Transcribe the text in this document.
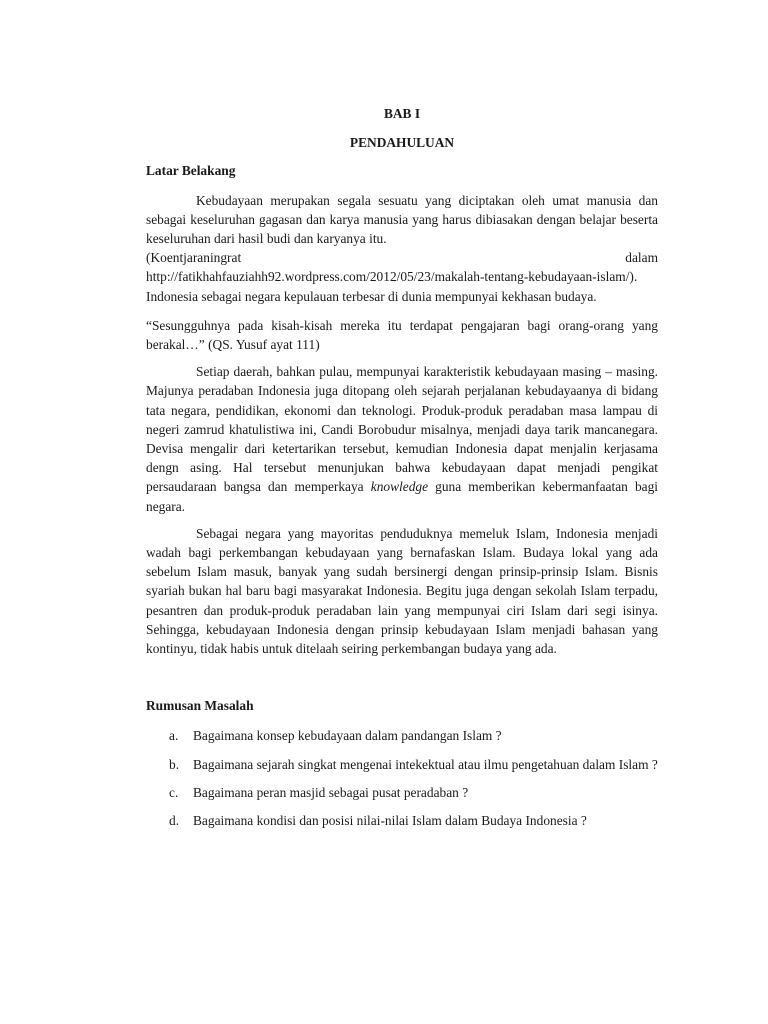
BAB I

PENDAHULUAN

Latar Belakang

Kebudayaan merupakan segala sesuatu yang diciptakan oleh umat manusia dan sebagai keseluruhan gagasan dan karya manusia yang harus dibiasakan dengan belajar beserta keseluruhan dari hasil budi dan karyanya itu.
(Koentjaraningrat	dalam
http://fatikhahfauziahh92.wordpress.com/2012/05/23/makalah-tentang-kebudayaan-islam/). Indonesia sebagai negara kepulauan terbesar di dunia mempunyai kekhasan budaya.

“Sesungguhnya pada kisah-kisah mereka itu terdapat pengajaran bagi orang-orang yang berakal…” (QS. Yusuf ayat 111)

Setiap daerah, bahkan pulau, mempunyai karakteristik kebudayaan masing – masing. Majunya peradaban Indonesia juga ditopang oleh sejarah perjalanan kebudayaanya di bidang tata negara, pendidikan, ekonomi dan teknologi. Produk-produk peradaban masa lampau di negeri zamrud khatulistiwa ini, Candi Borobudur misalnya, menjadi daya tarik mancanegara. Devisa mengalir dari ketertarikan tersebut, kemudian Indonesia dapat menjalin kerjasama dengn asing. Hal tersebut menunjukan bahwa kebudayaan dapat menjadi pengikat persaudaraan bangsa dan memperkaya knowledge guna memberikan kebermanfaatan bagi negara.

Sebagai negara yang mayoritas penduduknya memeluk Islam, Indonesia menjadi wadah bagi perkembangan kebudayaan yang bernafaskan Islam. Budaya lokal yang ada sebelum Islam masuk, banyak yang sudah bersinergi dengan prinsip-prinsip Islam. Bisnis syariah bukan hal baru bagi masyarakat Indonesia. Begitu juga dengan sekolah Islam terpadu, pesantren dan produk-produk peradaban lain yang mempunyai ciri Islam dari segi isinya. Sehingga, kebudayaan Indonesia dengan prinsip kebudayaan Islam menjadi bahasan yang kontinyu, tidak habis untuk ditelaah seiring perkembangan budaya yang ada.

Rumusan Masalah

a.	Bagaimana konsep kebudayaan dalam pandangan Islam ?
b.	Bagaimana sejarah singkat mengenai intekektual atau ilmu pengetahuan dalam Islam ?
c.	Bagaimana peran masjid sebagai pusat peradaban ?
d.	Bagaimana kondisi dan posisi nilai-nilai Islam dalam Budaya Indonesia ?
